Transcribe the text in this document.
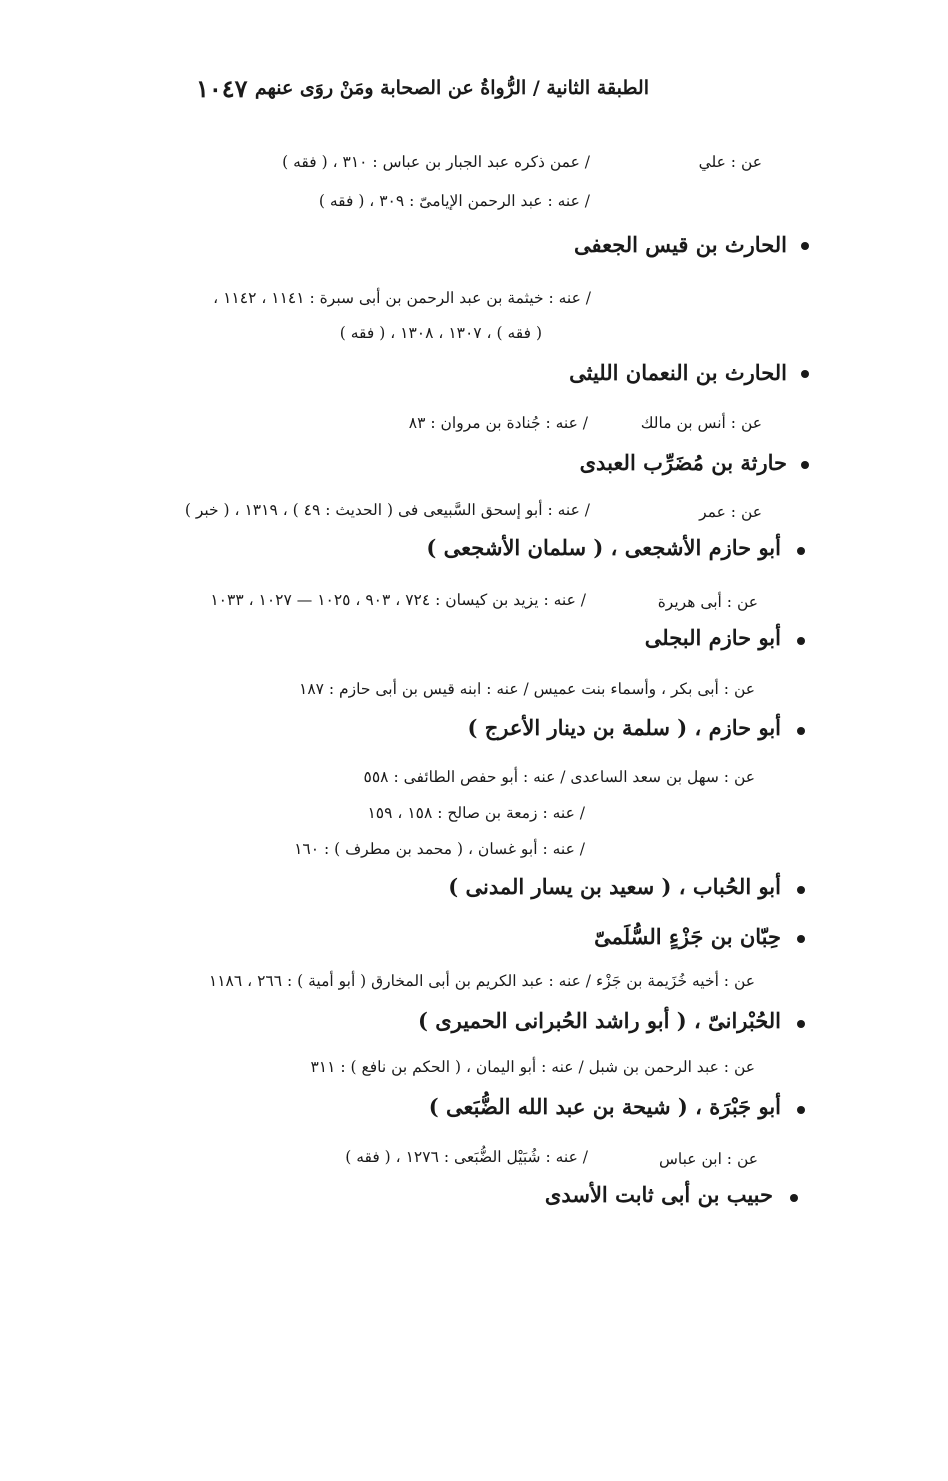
١٠٤٧ الطبقة الثانية / الرُّواةُ عن الصحابة ومَنْ روَى عنهم
عن : علي
/ عمن ذكره عبد الجبار بن عباس : ٣١٠ ، ( فقه )
/ عنه : عبد الرحمن الإيامىّ : ٣٠٩ ، ( فقه )
الحارث بن قيس الجعفى
/ عنه : خيثمة بن عبد الرحمن بن أبى سبرة : ١١٤١ ، ١١٤٢ ،
( فقه ) ، ١٣٠٧ ، ١٣٠٨ ، ( فقه )
الحارث بن النعمان الليثى
عن : أنس بن مالك
/ عنه : جُنادة بن مروان : ٨٣
حارثة بن مُضَرِّب العبدى
عن : عمر
/ عنه : أبو إسحق السَّبيعى فى ( الحديث : ٤٩ ) ، ١٣١٩ ، ( خبر )
أبو حازم الأشجعى ، ( سلمان الأشجعى )
عن : أبى هريرة
/ عنه : يزيد بن كيسان : ٧٢٤ ، ٩٠٣ ، ١٠٢٥ — ١٠٢٧ ، ١٠٣٣
أبو حازم البجلى
عن : أبى بكر ، وأسماء بنت عميس / عنه : ابنه قيس بن أبى حازم : ١٨٧
أبو حازم ، ( سلمة بن دينار الأعرج )
عن : سهل بن سعد الساعدى / عنه : أبو حفص الطائفى : ٥٥٨
/ عنه : زمعة بن صالح : ١٥٨ ، ١٥٩
/ عنه : أبو غسان ، ( محمد بن مطرف ) : ١٦٠
أبو الحُباب ، ( سعيد بن يسار المدنى )
حِبّان بن جَزْءٍ السُّلَمىّ
عن : أخيه خُزَيمة بن جَزْء / عنه : عبد الكريم بن أبى المخارق ( أبو أمية ) : ٢٦٦ ، ١١٨٦
الحُبْرانىّ ، ( أبو راشد الحُبرانى الحميرى )
عن : عبد الرحمن بن شبل / عنه : أبو اليمان ، ( الحكم بن نافع ) : ٣١١
أبو جَبْرَة ، ( شيحة بن عبد الله الضُّبَعى )
عن : ابن عباس
/ عنه : شُبَيْل الضُّبَعى : ١٢٧٦ ، ( فقه )
حبيب بن أبى ثابت الأسدى
